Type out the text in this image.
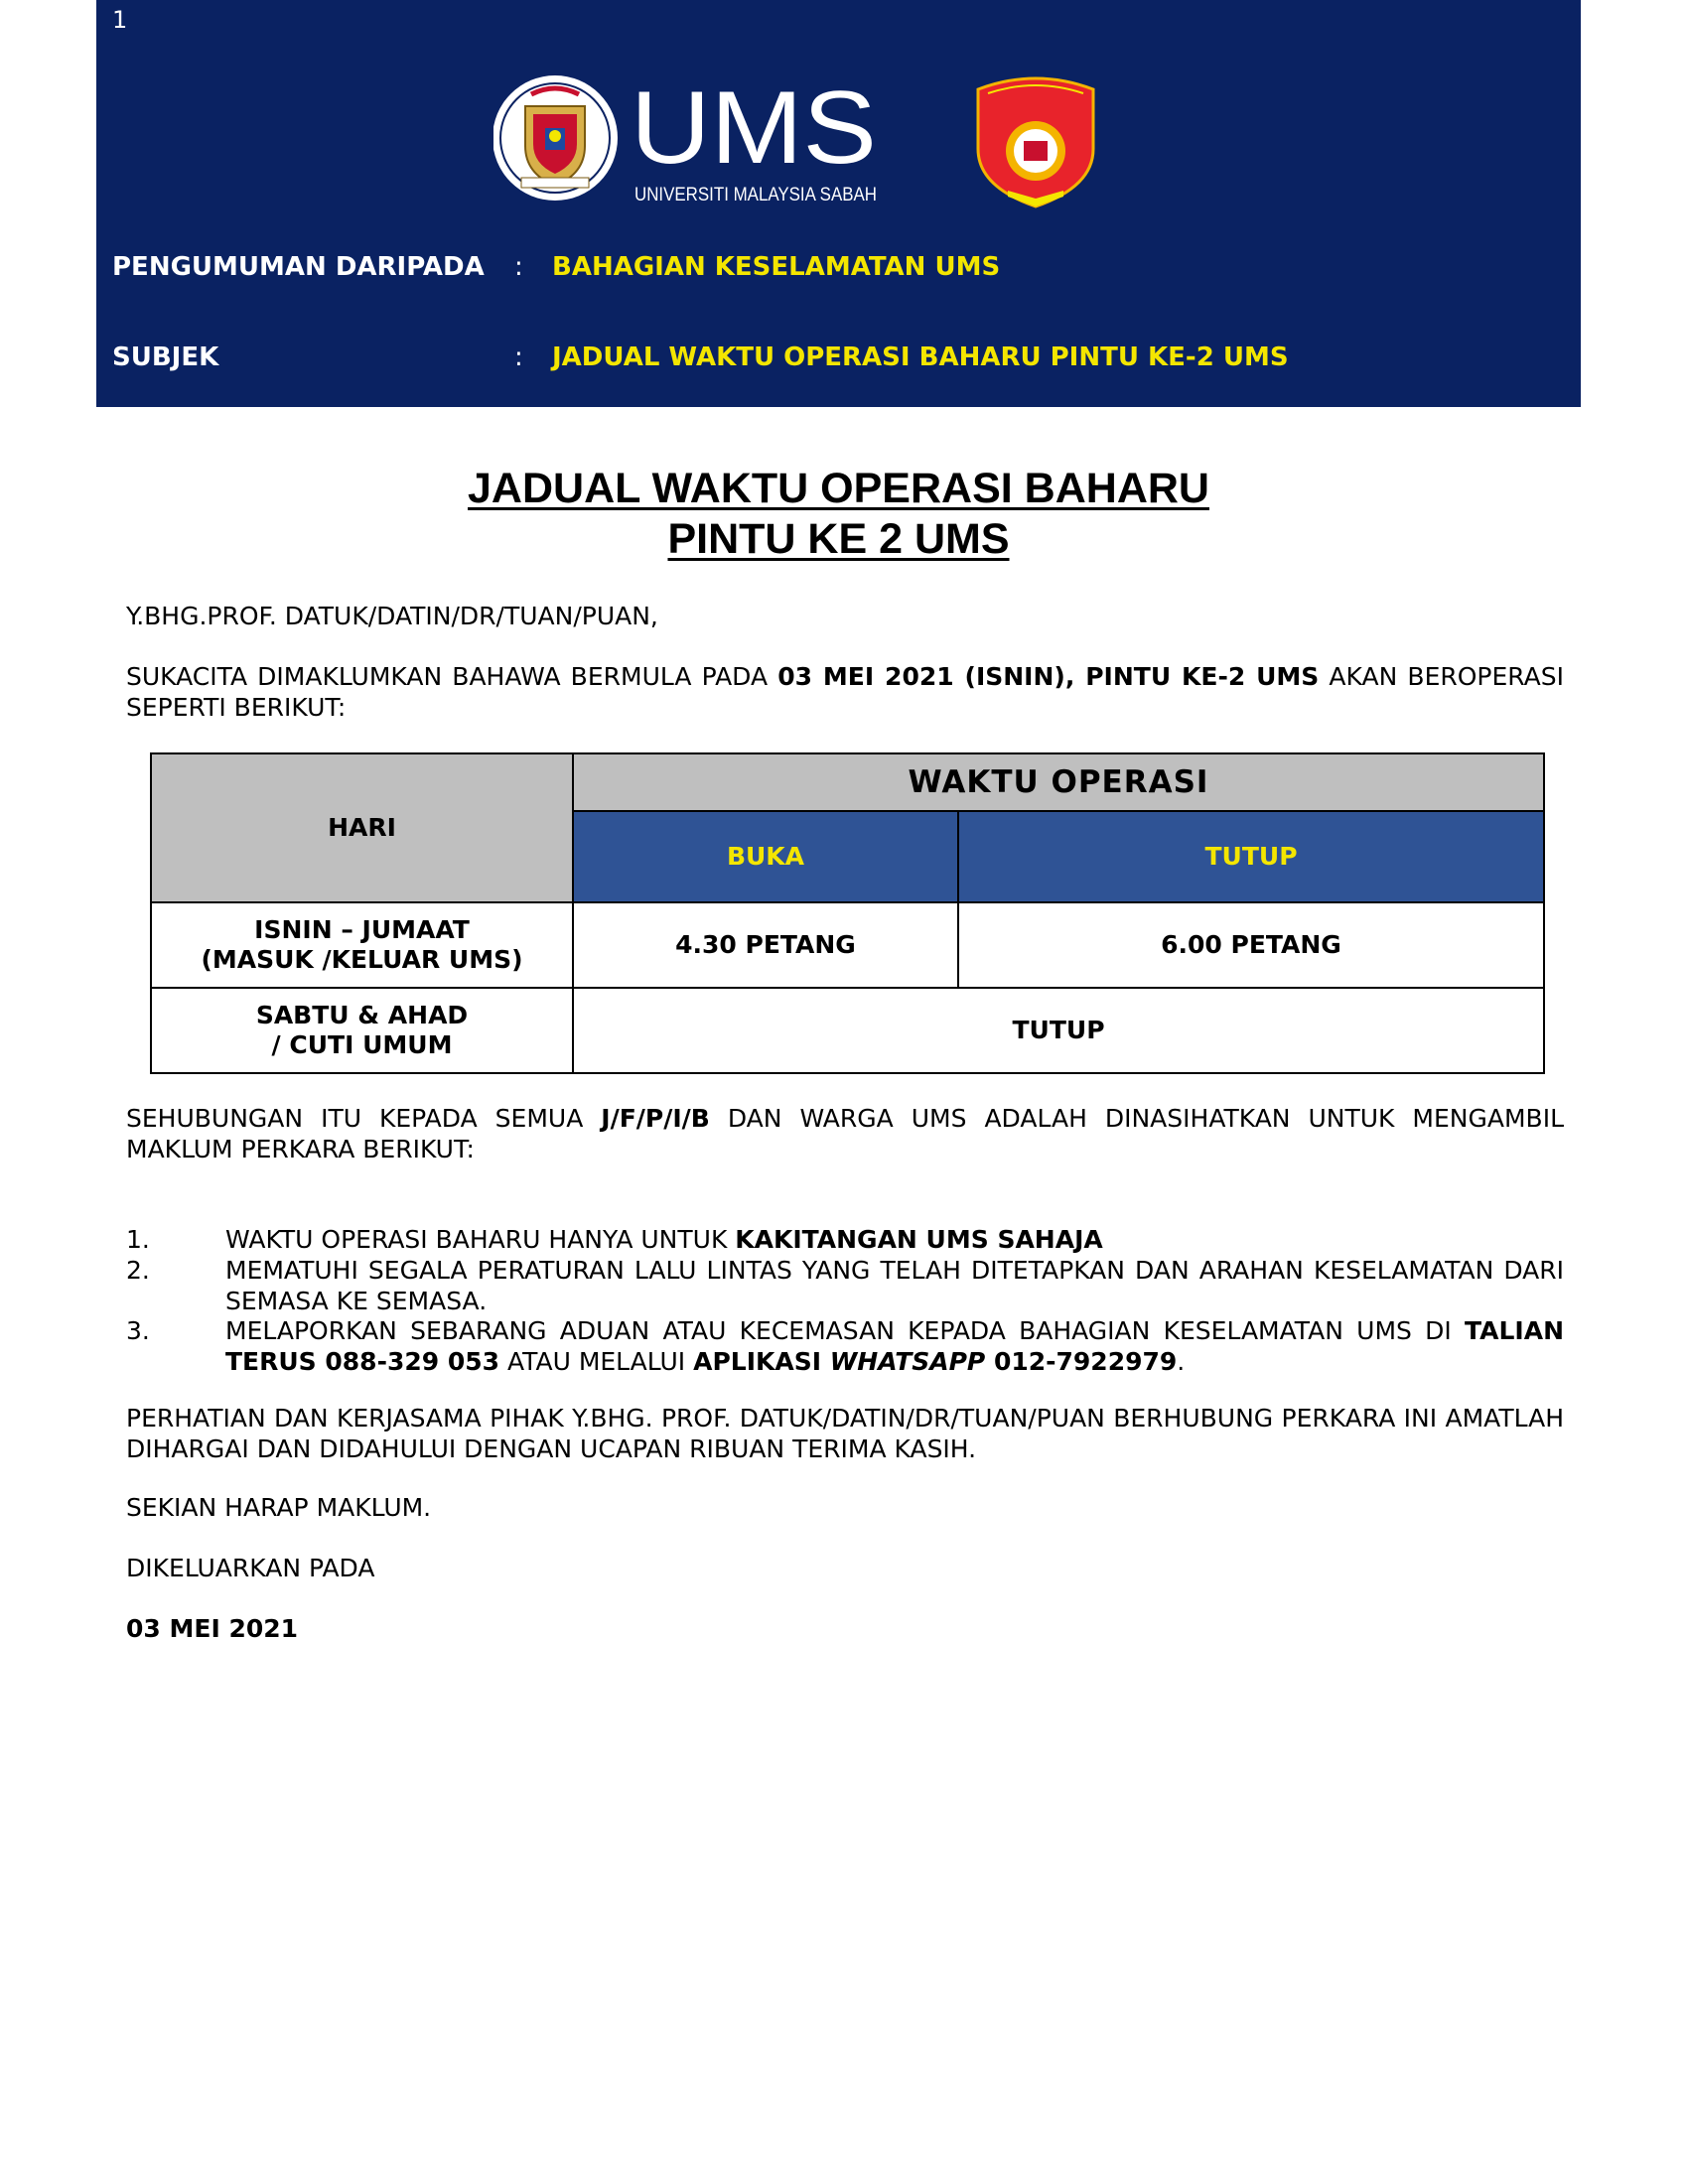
1
UMS
UNIVERSITI MALAYSIA SABAH
PENGUMUMAN DARIPADA : BAHAGIAN KESELAMATAN UMS
SUBJEK	: JADUAL WAKTU OPERASI BAHARU PINTU KE-2 UMS
JADUAL WAKTU OPERASI BAHARU
PINTU KE 2 UMS
Y.BHG.PROF. DATUK/DATIN/DR/TUAN/PUAN,
SUKACITA DIMAKLUMKAN BAHAWA BERMULA PADA 03 MEI 2021 (ISNIN), PINTU KE-2 UMS AKAN BEROPERASI SEPERTI BERIKUT:
HARI	WAKTU OPERASI	
	BUKA	TUTUP

ISNIN – JUMAAT
(MASUK /KELUAR UMS)	4.30 PETANG	6.00 PETANG

SABTU & AHAD
/ CUTI UMUM	TUTUP	
SEHUBUNGAN ITU KEPADA SEMUA J/F/P/I/B DAN WARGA UMS ADALAH DINASIHATKAN UNTUK MENGAMBIL MAKLUM PERKARA BERIKUT:
1.	WAKTU OPERASI BAHARU HANYA UNTUK KAKITANGAN UMS SAHAJA
2.	MEMATUHI SEGALA PERATURAN LALU LINTAS YANG TELAH DITETAPKAN DAN ARAHAN KESELAMATAN DARI SEMASA KE SEMASA.
3.	MELAPORKAN SEBARANG ADUAN ATAU KECEMASAN KEPADA BAHAGIAN KESELAMATAN UMS DI TALIAN TERUS 088-329 053 ATAU MELALUI APLIKASI WHATSAPP 012-7922979.
PERHATIAN DAN KERJASAMA PIHAK Y.BHG. PROF. DATUK/DATIN/DR/TUAN/PUAN BERHUBUNG PERKARA INI AMATLAH DIHARGAI DAN DIDAHULUI DENGAN UCAPAN RIBUAN TERIMA KASIH.
SEKIAN HARAP MAKLUM.
DIKELUARKAN PADA
03 MEI 2021
